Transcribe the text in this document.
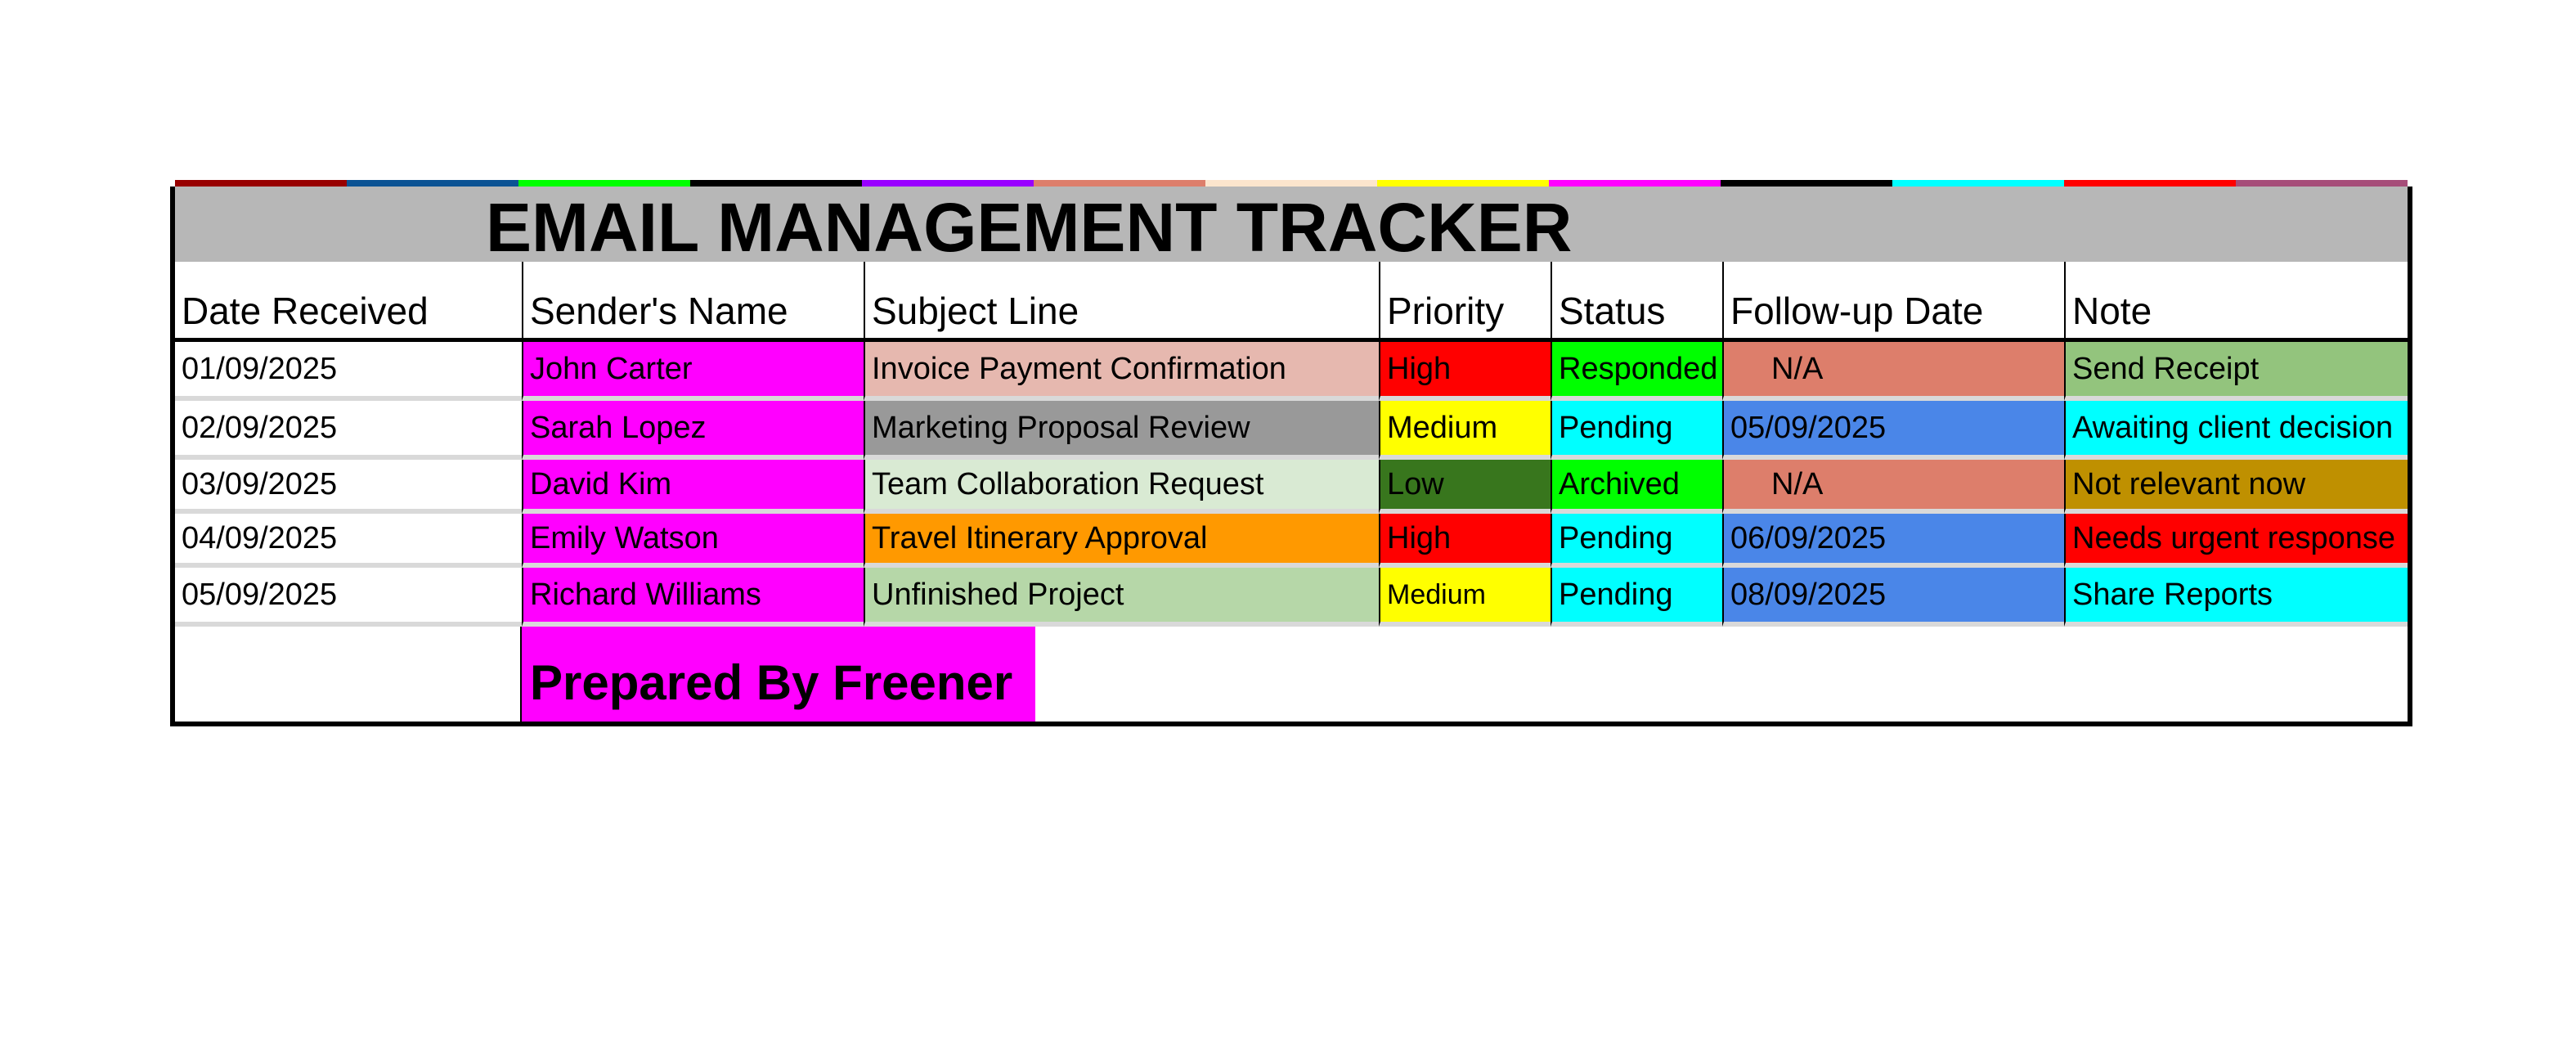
EMAIL MANAGEMENT TRACKER
Date Received	Sender's Name	Subject Line	Priority	Status	Follow-up Date	Note
01/09/2025	John Carter	Invoice Payment Confirmation	High	Responded	N/A	Send Receipt
02/09/2025	Sarah Lopez	Marketing Proposal Review	Medium	Pending	05/09/2025	Awaiting client decision
03/09/2025	David Kim	Team Collaboration Request	Low	Archived	N/A	Not relevant now
04/09/2025	Emily Watson	Travel Itinerary Approval	High	Pending	06/09/2025	Needs urgent response
05/09/2025	Richard Williams	Unfinished Project	Medium	Pending	08/09/2025	Share Reports
Prepared By Freener
